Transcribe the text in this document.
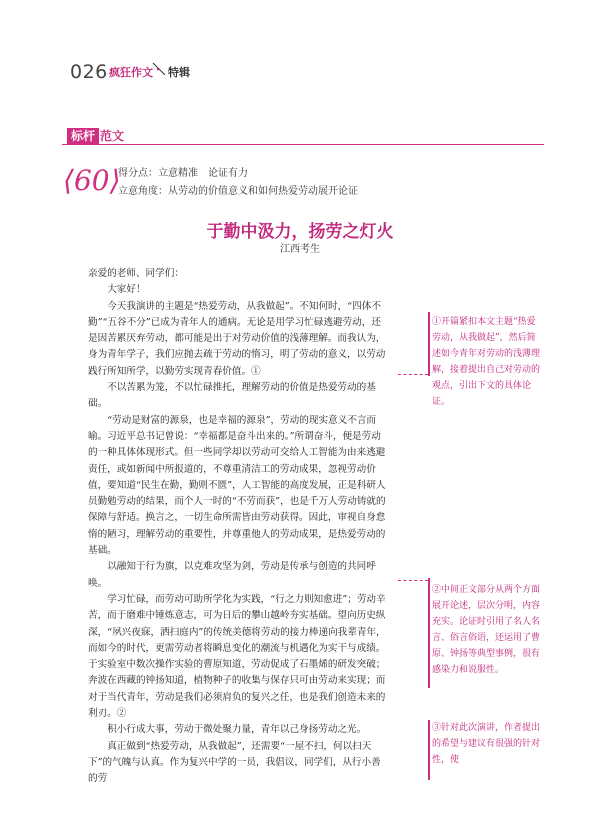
026 疯狂作文 特辑
标杆 范文
⟨60⟩
得分点：立意精准　论证有力
立意角度：从劳动的价值意义和如何热爱劳动展开论证
于勤中汲力，扬劳之灯火
江西考生

亲爱的老师、同学们：

大家好！

今天我演讲的主题是“热爱劳动，从我做起”。不知何时，“四体不勤”“五谷不分”已成为青年人的通病。无论是用学习忙碌逃避劳动，还是因苦累厌弃劳动，都可能是出于对劳动价值的浅薄理解。而我认为，身为青年学子，我们应抛去疏于劳动的惰习，明了劳动的意义，以劳动践行所知所学，以勤劳实现青春价值。①

不以苦累为笼，不以忙碌推托，理解劳动的价值是热爱劳动的基础。

“劳动是财富的源泉，也是幸福的源泉”，劳动的现实意义不言而喻。习近平总书记曾说：“幸福都是奋斗出来的。”所谓奋斗，便是劳动的一种具体体现形式。但一些同学却以劳动可交给人工智能为由来逃避责任，或如新闻中所报道的，不尊重清洁工的劳动成果，忽视劳动价值，要知道“民生在勤，勤则不匮”，人工智能的高度发展，正是科研人员勤勉劳动的结果，而个人一时的“不劳而获”，也是千万人劳动铸就的保障与舒适。换言之，一切生命所需皆由劳动获得。因此，审视自身怠惰的陋习，理解劳动的重要性，并尊重他人的劳动成果，是热爱劳动的基础。

以融知于行为旗，以克难攻坚为剑，劳动是传承与创造的共同呼唤。

学习忙碌，而劳动可助所学化为实践，“行之力则知愈进”；劳动辛苦，而于磨难中锤炼意志，可为日后的攀山越岭夯实基础。望向历史纵深，“夙兴夜寐，洒扫庭内”的传统美德将劳动的接力棒递向我辈青年，而如今的时代，更需劳动者将瞬息变化的潮流与机遇化为实干与成绩。于实验室中数次操作实验的曹原知道，劳动促成了石墨烯的研发突破；奔波在西藏的钟扬知道，植物种子的收集与保存只可由劳动来实现；而对于当代青年，劳动是我们必须肩负的复兴之任，也是我们创造未来的利刃。②

积小行成大事，劳动于微处聚力量，青年以己身扬劳动之光。

真正做到“热爱劳动，从我做起”，还需要“一屋不扫，何以扫天下”的气魄与认真。作为复兴中学的一员，我倡议，同学们，从行小善的劳

①开篇紧扣本文主题“热爱劳动，从我做起”，然后简述如今青年对劳动的浅薄理解，接着提出自己对劳动的观点，引出下文的具体论证。
②中间正文部分从两个方面展开论述，层次分明，内容充实。论证时引用了名人名言、俗言俗语，还运用了曹原、钟扬等典型事例，很有感染力和说服性。
③针对此次演讲，作者提出的希望与建议有很强的针对性，使
